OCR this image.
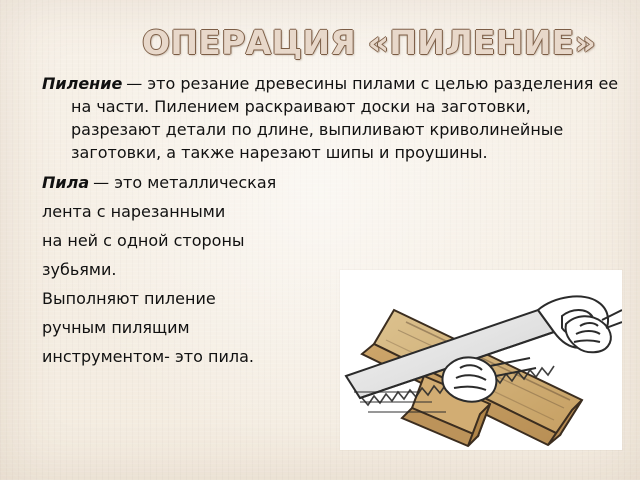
ОПЕРАЦИЯ «ПИЛЕНИЕ»

Пиление — это резание древесины пилами с целью разделения ее на части. Пилением раскраивают доски на заготовки, разрезают детали по длине, выпиливают криволинейные заготовки, а также нарезают шипы и проушины.

Пила — это металлическая
лента с нарезанными
на ней с одной стороны
зубьями.
Выполняют пиление
ручным пилящим
инструментом- это пила.
